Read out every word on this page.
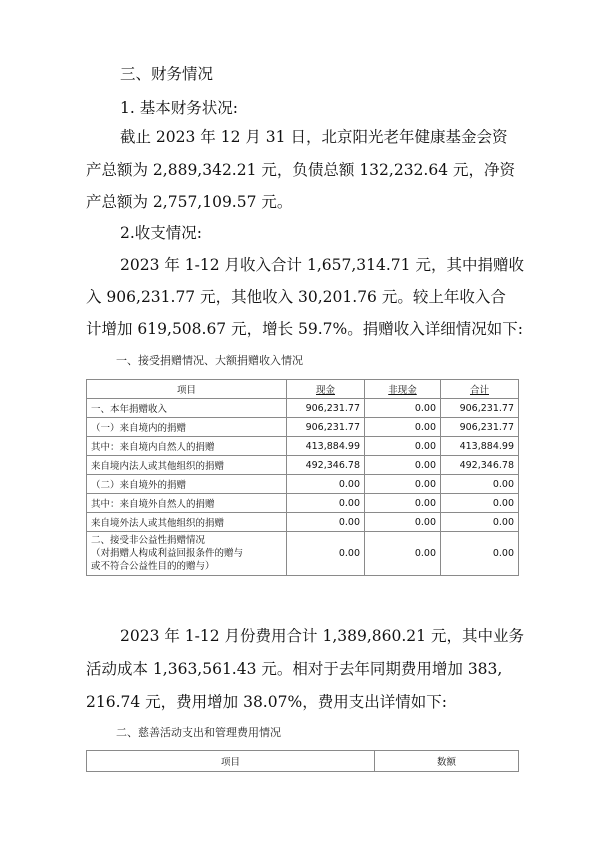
三、财务情况
1. 基本财务状况:
截止 2023 年 12 月 31 日，北京阳光老年健康基金会资
产总额为 2,889,342.21 元，负债总额 132,232.64 元，净资
产总额为 2,757,109.57 元。
2.收支情况:
2023 年 1-12 月收入合计 1,657,314.71 元，其中捐赠收
入 906,231.77 元，其他收入 30,201.76 元。较上年收入合
计增加 619,508.67 元，增长 59.7%。捐赠收入详细情况如下:
一、接受捐赠情况、大额捐赠收入情况
项目	现金	非现金	合计
一、本年捐赠收入	906,231.77	0.00	906,231.77
（一）来自境内的捐赠	906,231.77	0.00	906,231.77
其中：来自境内自然人的捐赠	413,884.99	0.00	413,884.99
来自境内法人或其他组织的捐赠	492,346.78	0.00	492,346.78
（二）来自境外的捐赠	0.00	0.00	0.00
其中：来自境外自然人的捐赠	0.00	0.00	0.00
来自境外法人或其他组织的捐赠	0.00	0.00	0.00

二、接受非公益性捐赠情况
（对捐赠人构成利益回报条件的赠与
或不符合公益性目的的赠与）	0.00	0.00	0.00
2023 年 1-12 月份费用合计 1,389,860.21 元，其中业务
活动成本 1,363,561.43 元。相对于去年同期费用增加 383,
216.74 元，费用增加 38.07%，费用支出详情如下:
二、慈善活动支出和管理费用情况
项目	数额
